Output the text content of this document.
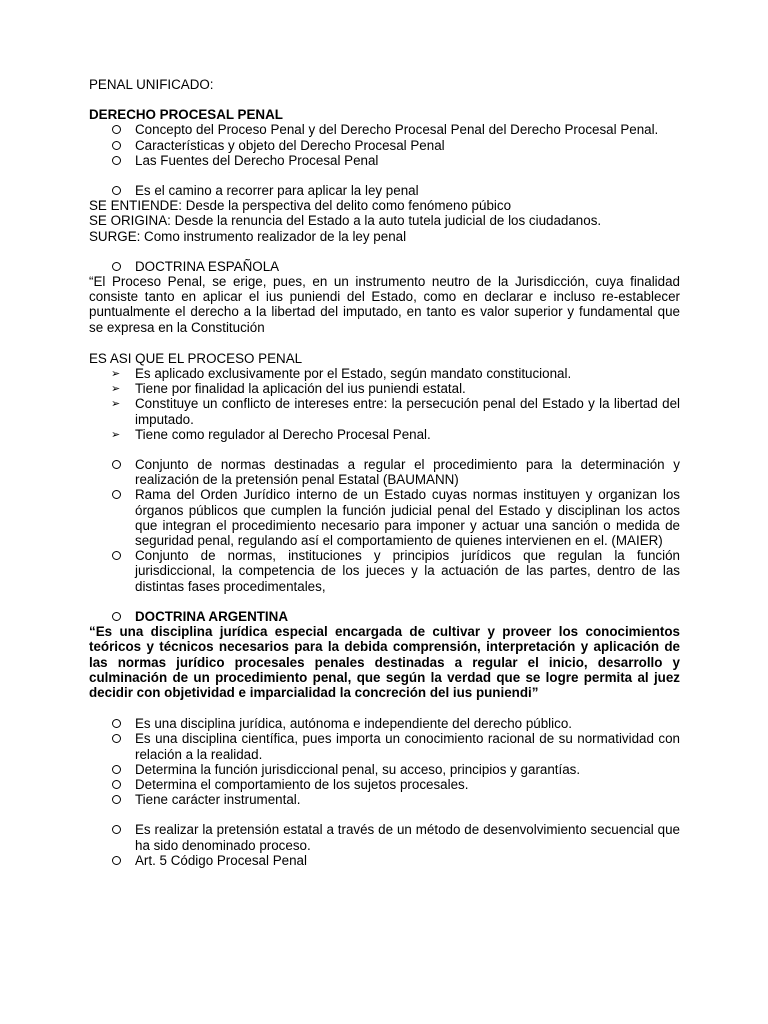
PENAL UNIFICADO:

DERECHO PROCESAL PENAL

Concepto del Proceso Penal y del Derecho Procesal Penal del Derecho Procesal Penal.
Características y objeto del Derecho Procesal Penal
Las Fuentes del Derecho Procesal Penal
Es el camino a recorrer para aplicar la ley penal

SE ENTIENDE: Desde la perspectiva del delito como fenómeno púbico

SE ORIGINA: Desde la renuncia del Estado a la auto tutela judicial de los ciudadanos.

SURGE: Como instrumento realizador de la ley penal

DOCTRINA ESPAÑOLA

“El Proceso Penal, se erige, pues, en un instrumento neutro de la Jurisdicción, cuya finalidad consiste tanto en aplicar el ius puniendi del Estado, como en declarar e incluso re-establecer puntualmente el derecho a la libertad del imputado, en tanto es valor superior y fundamental que se expresa en la Constitución

ES ASI QUE EL PROCESO PENAL

➢	Es aplicado exclusivamente por el Estado, según mandato constitucional.
➢	Tiene por finalidad la aplicación del ius puniendi estatal.
➢	Constituye un conflicto de intereses entre: la persecución penal del Estado y la libertad del imputado.
➢	Tiene como regulador al Derecho Procesal Penal.
Conjunto de normas destinadas a regular el procedimiento para la determinación y realización de la pretensión penal Estatal (BAUMANN)
Rama del Orden Jurídico interno de un Estado cuyas normas instituyen y organizan los órganos públicos que cumplen la función judicial penal del Estado y disciplinan los actos que integran el procedimiento necesario para imponer y actuar una sanción o medida de seguridad penal, regulando así el comportamiento de quienes intervienen en el. (MAIER)
Conjunto de normas, instituciones y principios jurídicos que regulan la función jurisdiccional, la competencia de los jueces y la actuación de las partes, dentro de las distintas fases procedimentales,
DOCTRINA ARGENTINA

“Es una disciplina jurídica especial encargada de cultivar y proveer los conocimientos teóricos y técnicos necesarios para la debida comprensión, interpretación y aplicación de las normas jurídico procesales penales destinadas a regular el inicio, desarrollo y culminación de un procedimiento penal, que según la verdad que se logre permita al juez decidir con objetividad e imparcialidad la concreción del ius puniendi”

Es una disciplina jurídica, autónoma e independiente del derecho público.
Es una disciplina científica, pues importa un conocimiento racional de su normatividad con relación a la realidad.
Determina la función jurisdiccional penal, su acceso, principios y garantías.
Determina el comportamiento de los sujetos procesales.
Tiene carácter instrumental.
Es realizar la pretensión estatal a través de un método de desenvolvimiento secuencial que ha sido denominado proceso.
Art. 5 Código Procesal Penal
